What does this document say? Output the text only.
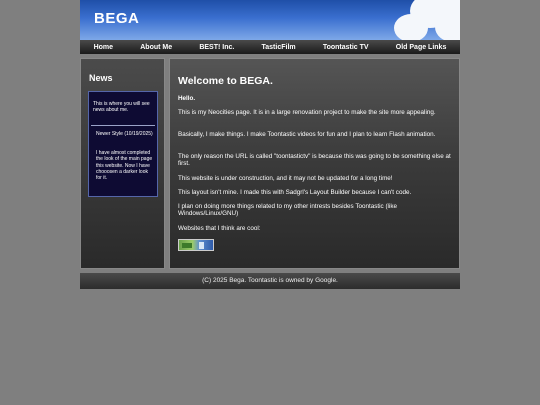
BEGA
Home	About Me	BEST! Inc.	TasticFilm	Toontastic TV	Old Page Links
News
This is where you will see news about me.
Newer Style (10/19/2025)
I have almost completed the look of the main page this website. Now I have chooosen a darker look for it.
Welcome to BEGA.
Hello.
This is my Neocities page. It is in a large renovation project to make the site more appealing.
Basically, I make things. I make Toontastic videos for fun and I plan to learn Flash animation.
The only reason the URL is called "toontastictv" is because this was going to be something else at first.
This website is under construction, and it may not be updated for a long time!
This layout isn't mine. I made this with Sadgrl's Layout Builder because I can't code.
I plan on doing more things related to my other intrests besides Toontastic (like Windows/Linux/GNU)
Websites that I think are cool:
(C) 2025 Bega. Toontastic is owned by Google.
